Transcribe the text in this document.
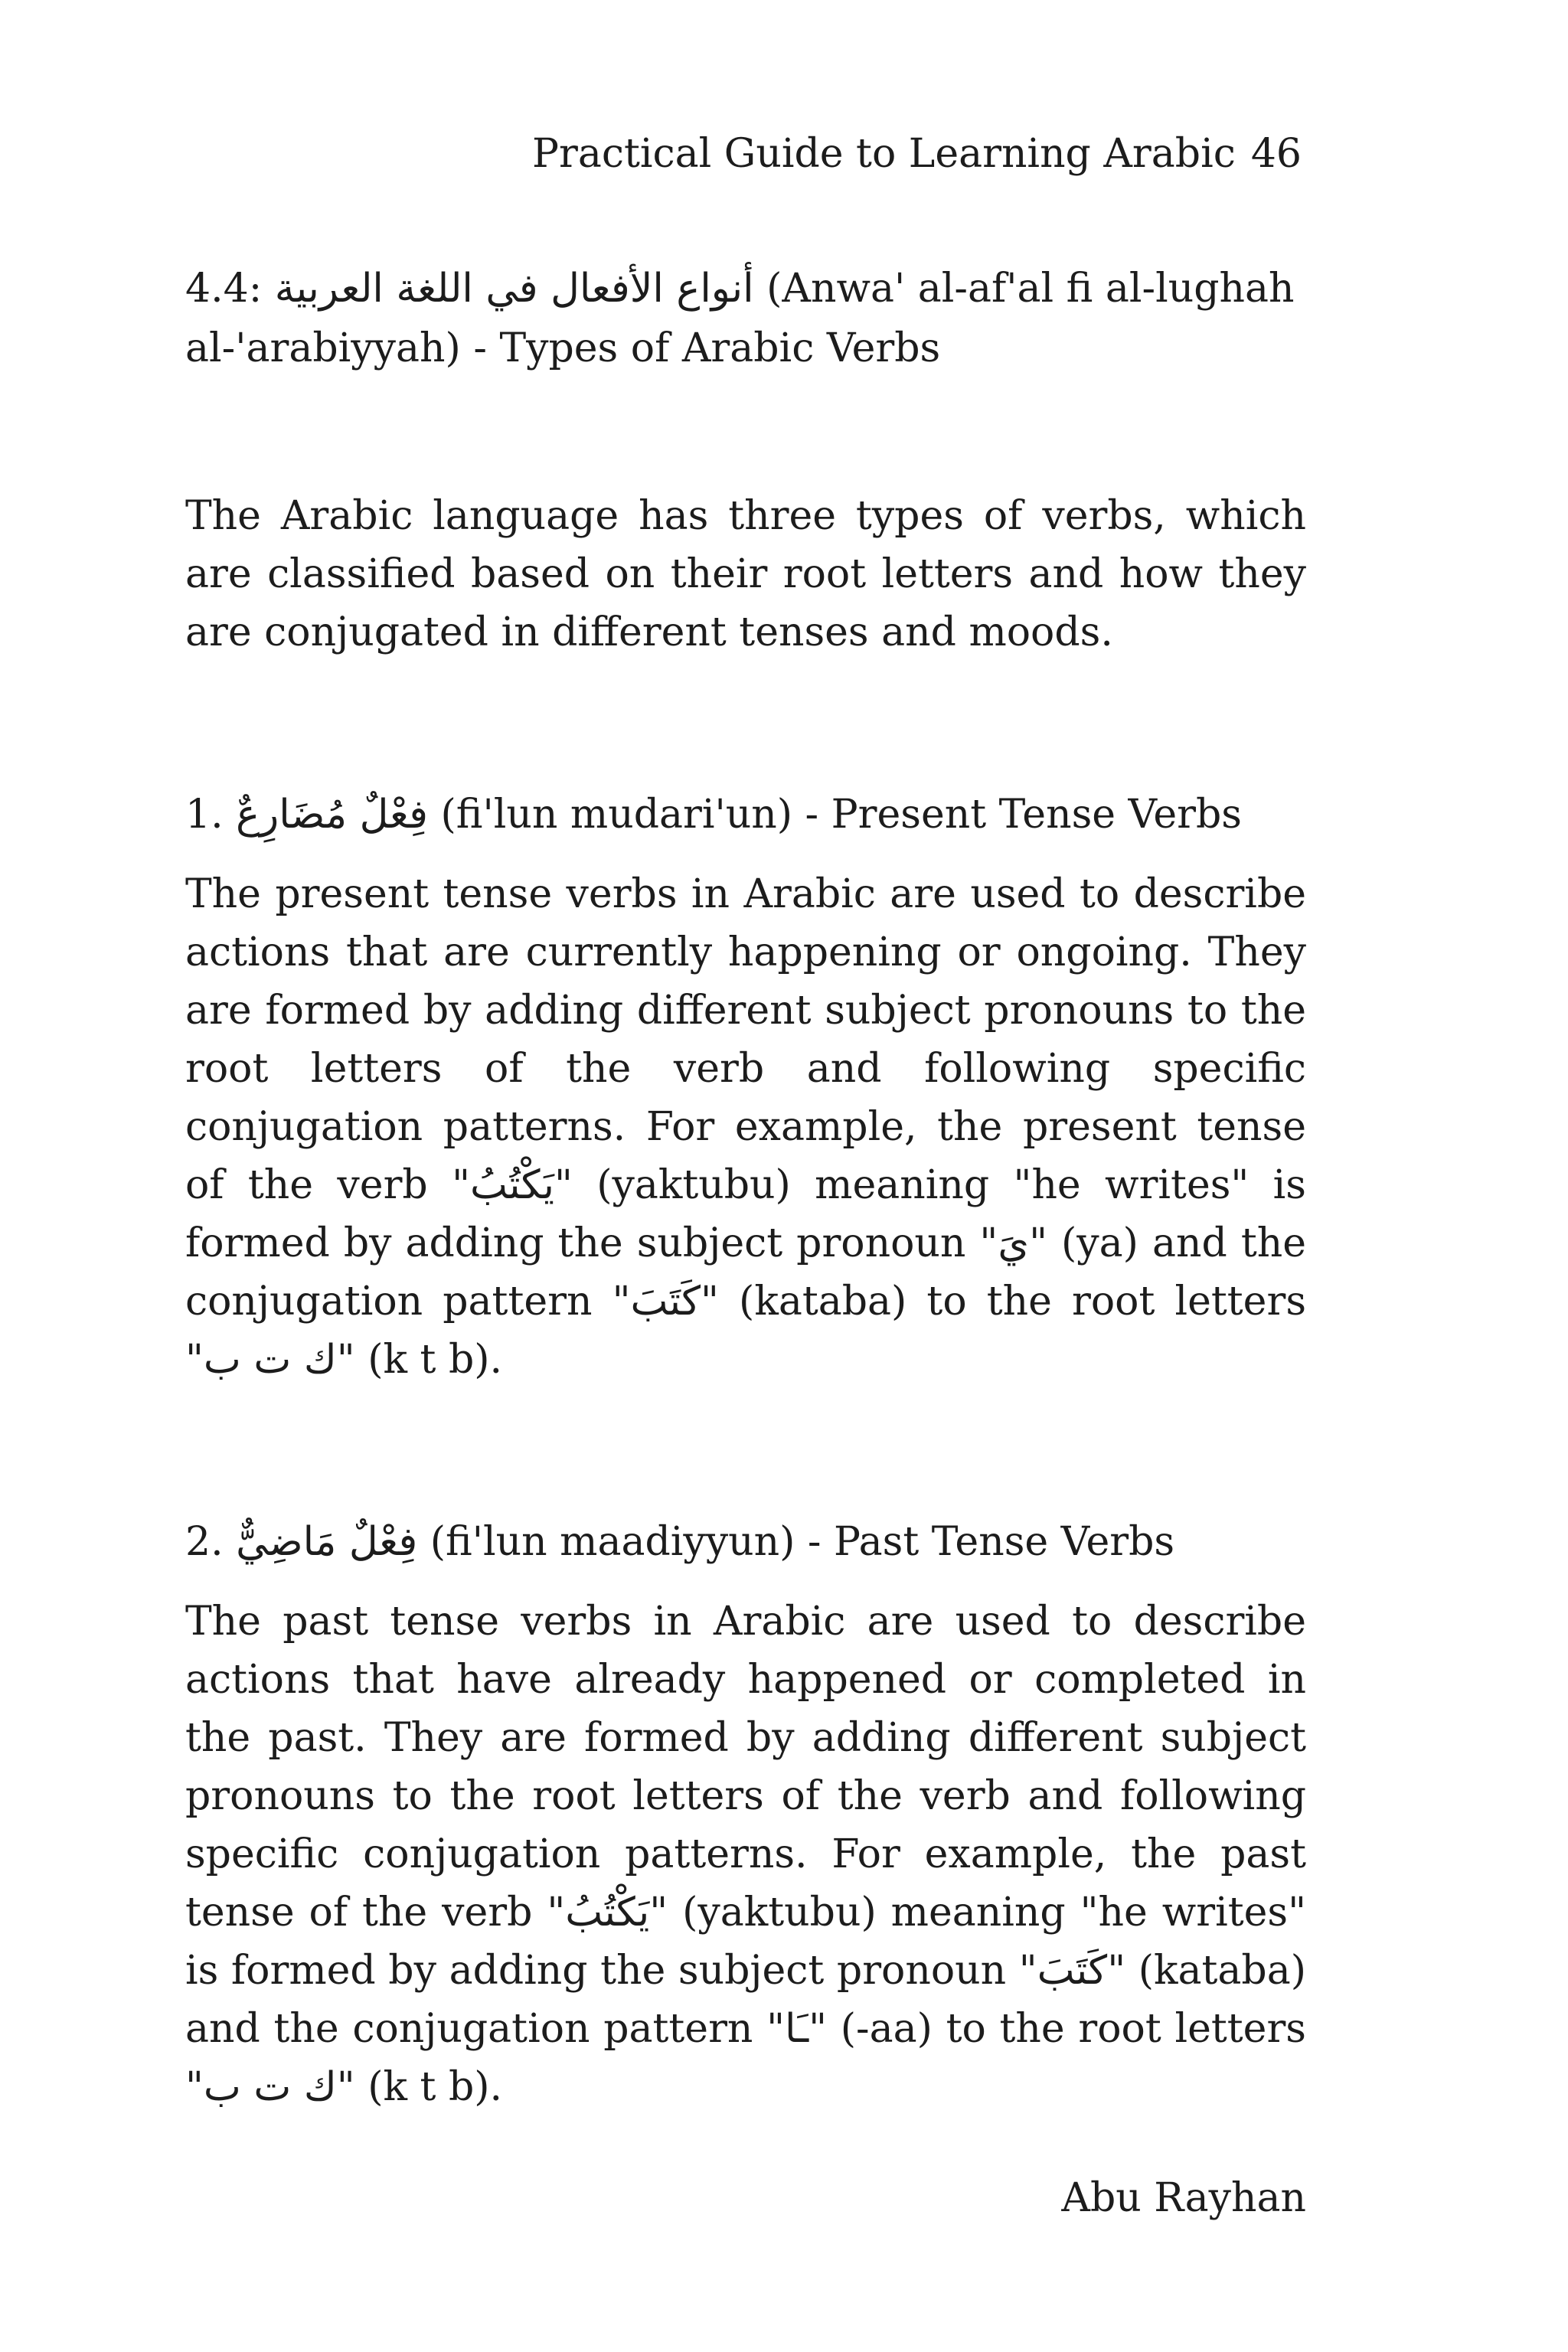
Practical Guide to Learning Arabic 46
4.4: أنواع الأفعال في اللغة العربية (Anwa' al-af'al fi al-lughah al-'arabiyyah) - Types of Arabic Verbs

The Arabic language has three types of verbs, which are classified based on their root letters and how they are conjugated in different tenses and moods.

1. فِعْلٌ مُضَارِعٌ (fi'lun mudari'un) - Present Tense Verbs

The present tense verbs in Arabic are used to describe actions that are currently happening or ongoing. They are formed by adding different subject pronouns to the root letters of the verb and following specific conjugation patterns. For example, the present tense of the verb "يَكْتُبُ" (yaktubu) meaning "he writes" is formed by adding the subject pronoun "يَ" (ya) and the conjugation pattern "كَتَبَ" (kataba) to the root letters "ك ت ب" (k t b).

2. فِعْلٌ مَاضِيٌّ (fi'lun maadiyyun) - Past Tense Verbs

The past tense verbs in Arabic are used to describe actions that have already happened or completed in the past. They are formed by adding different subject pronouns to the root letters of the verb and following specific conjugation patterns. For example, the past tense of the verb "يَكْتُبُ" (yaktubu) meaning "he writes" is formed by adding the subject pronoun "كَتَبَ" (kataba) and the conjugation pattern "ـَا" (-aa) to the root letters "ك ت ب" (k t b).

Abu Rayhan
